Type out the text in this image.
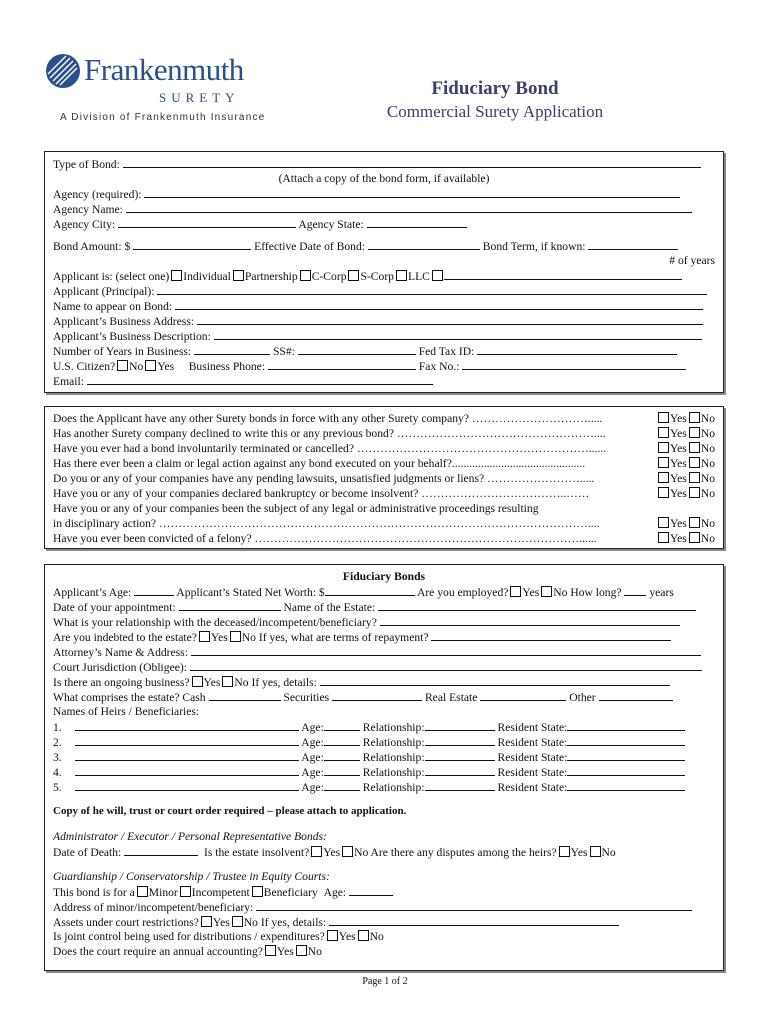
Frankenmuth
SURETY
A Division of Frankenmuth Insurance
Fiduciary Bond
Commercial Surety Application
Type of Bond:
(Attach a copy of the bond form, if available)
Agency (required):
Agency Name:
Agency City:	Agency State:
Bond Amount: $	Effective Date of Bond:	Bond Term, if known:
# of years
Applicant is: (select one) Individual Partnership C-Corp S-Corp LLC
Applicant (Principal):
Name to appear on Bond:
Applicant’s Business Address:
Applicant’s Business Description:
Number of Years in Business:	SS#:	Fed Tax ID:
U.S. Citizen? No Yes Business Phone:	Fax No.:
Email:
Does the Applicant have any other Surety bonds in force with any other Surety company? ………………………….....	Yes No
Has another Surety company declined to write this or any previous bond? ……………………………………………....	Yes No
Have you ever had a bond involuntarily terminated or cancelled? ……………………………………………………......	Yes No
Has there ever been a claim or legal action against any bond executed on your behalf?..............................................	Yes No
Do you or any of your companies have any pending lawsuits, unsatisfied judgments or liens? …………………….....	Yes No
Have you or any of your companies declared bankruptcy or become insolvent? ………………………………..……	Yes No
Have you or any of your companies been the subject of any legal or administrative proceedings resulting
in disciplinary action? …………………………………………………………………………………………………....	Yes No
Have you ever been convicted of a felony? …………………………………………………………………………......	Yes No
Fiduciary Bonds
Applicant’s Age:	Applicant’s Stated Net Worth: $	Are you employed? Yes No How long? years
Date of your appointment:	Name of the Estate:
What is your relationship with the deceased/incompetent/beneficiary?
Are you indebted to the estate? Yes No If yes, what are terms of repayment?
Attorney’s Name & Address:
Court Jurisdiction (Obligee):
Is there an ongoing business? Yes No If yes, details:
What comprises the estate? Cash	Securities	Real Estate	Other
Names of Heirs / Beneficiaries:
1.	Age:	Relationship:	Resident State:
2.	Age:	Relationship:	Resident State:
3.	Age:	Relationship:	Resident State:
4.	Age:	Relationship:	Resident State:
5.	Age:	Relationship:	Resident State:
Copy of he will, trust or court order required – please attach to application.
Administrator / Executor / Personal Representative Bonds:
Date of Death:	Is the estate insolvent? Yes No Are there any disputes among the heirs? Yes No
Guardianship / Conservatorship / Trustee in Equity Courts:
This bond is for a Minor Incompetent Beneficiary Age:
Address of minor/incompetent/beneficiary:
Assets under court restrictions? Yes No If yes, details:
Is joint control being used for distributions / expenditures? Yes No
Does the court require an annual accounting? Yes No
Page 1 of 2
